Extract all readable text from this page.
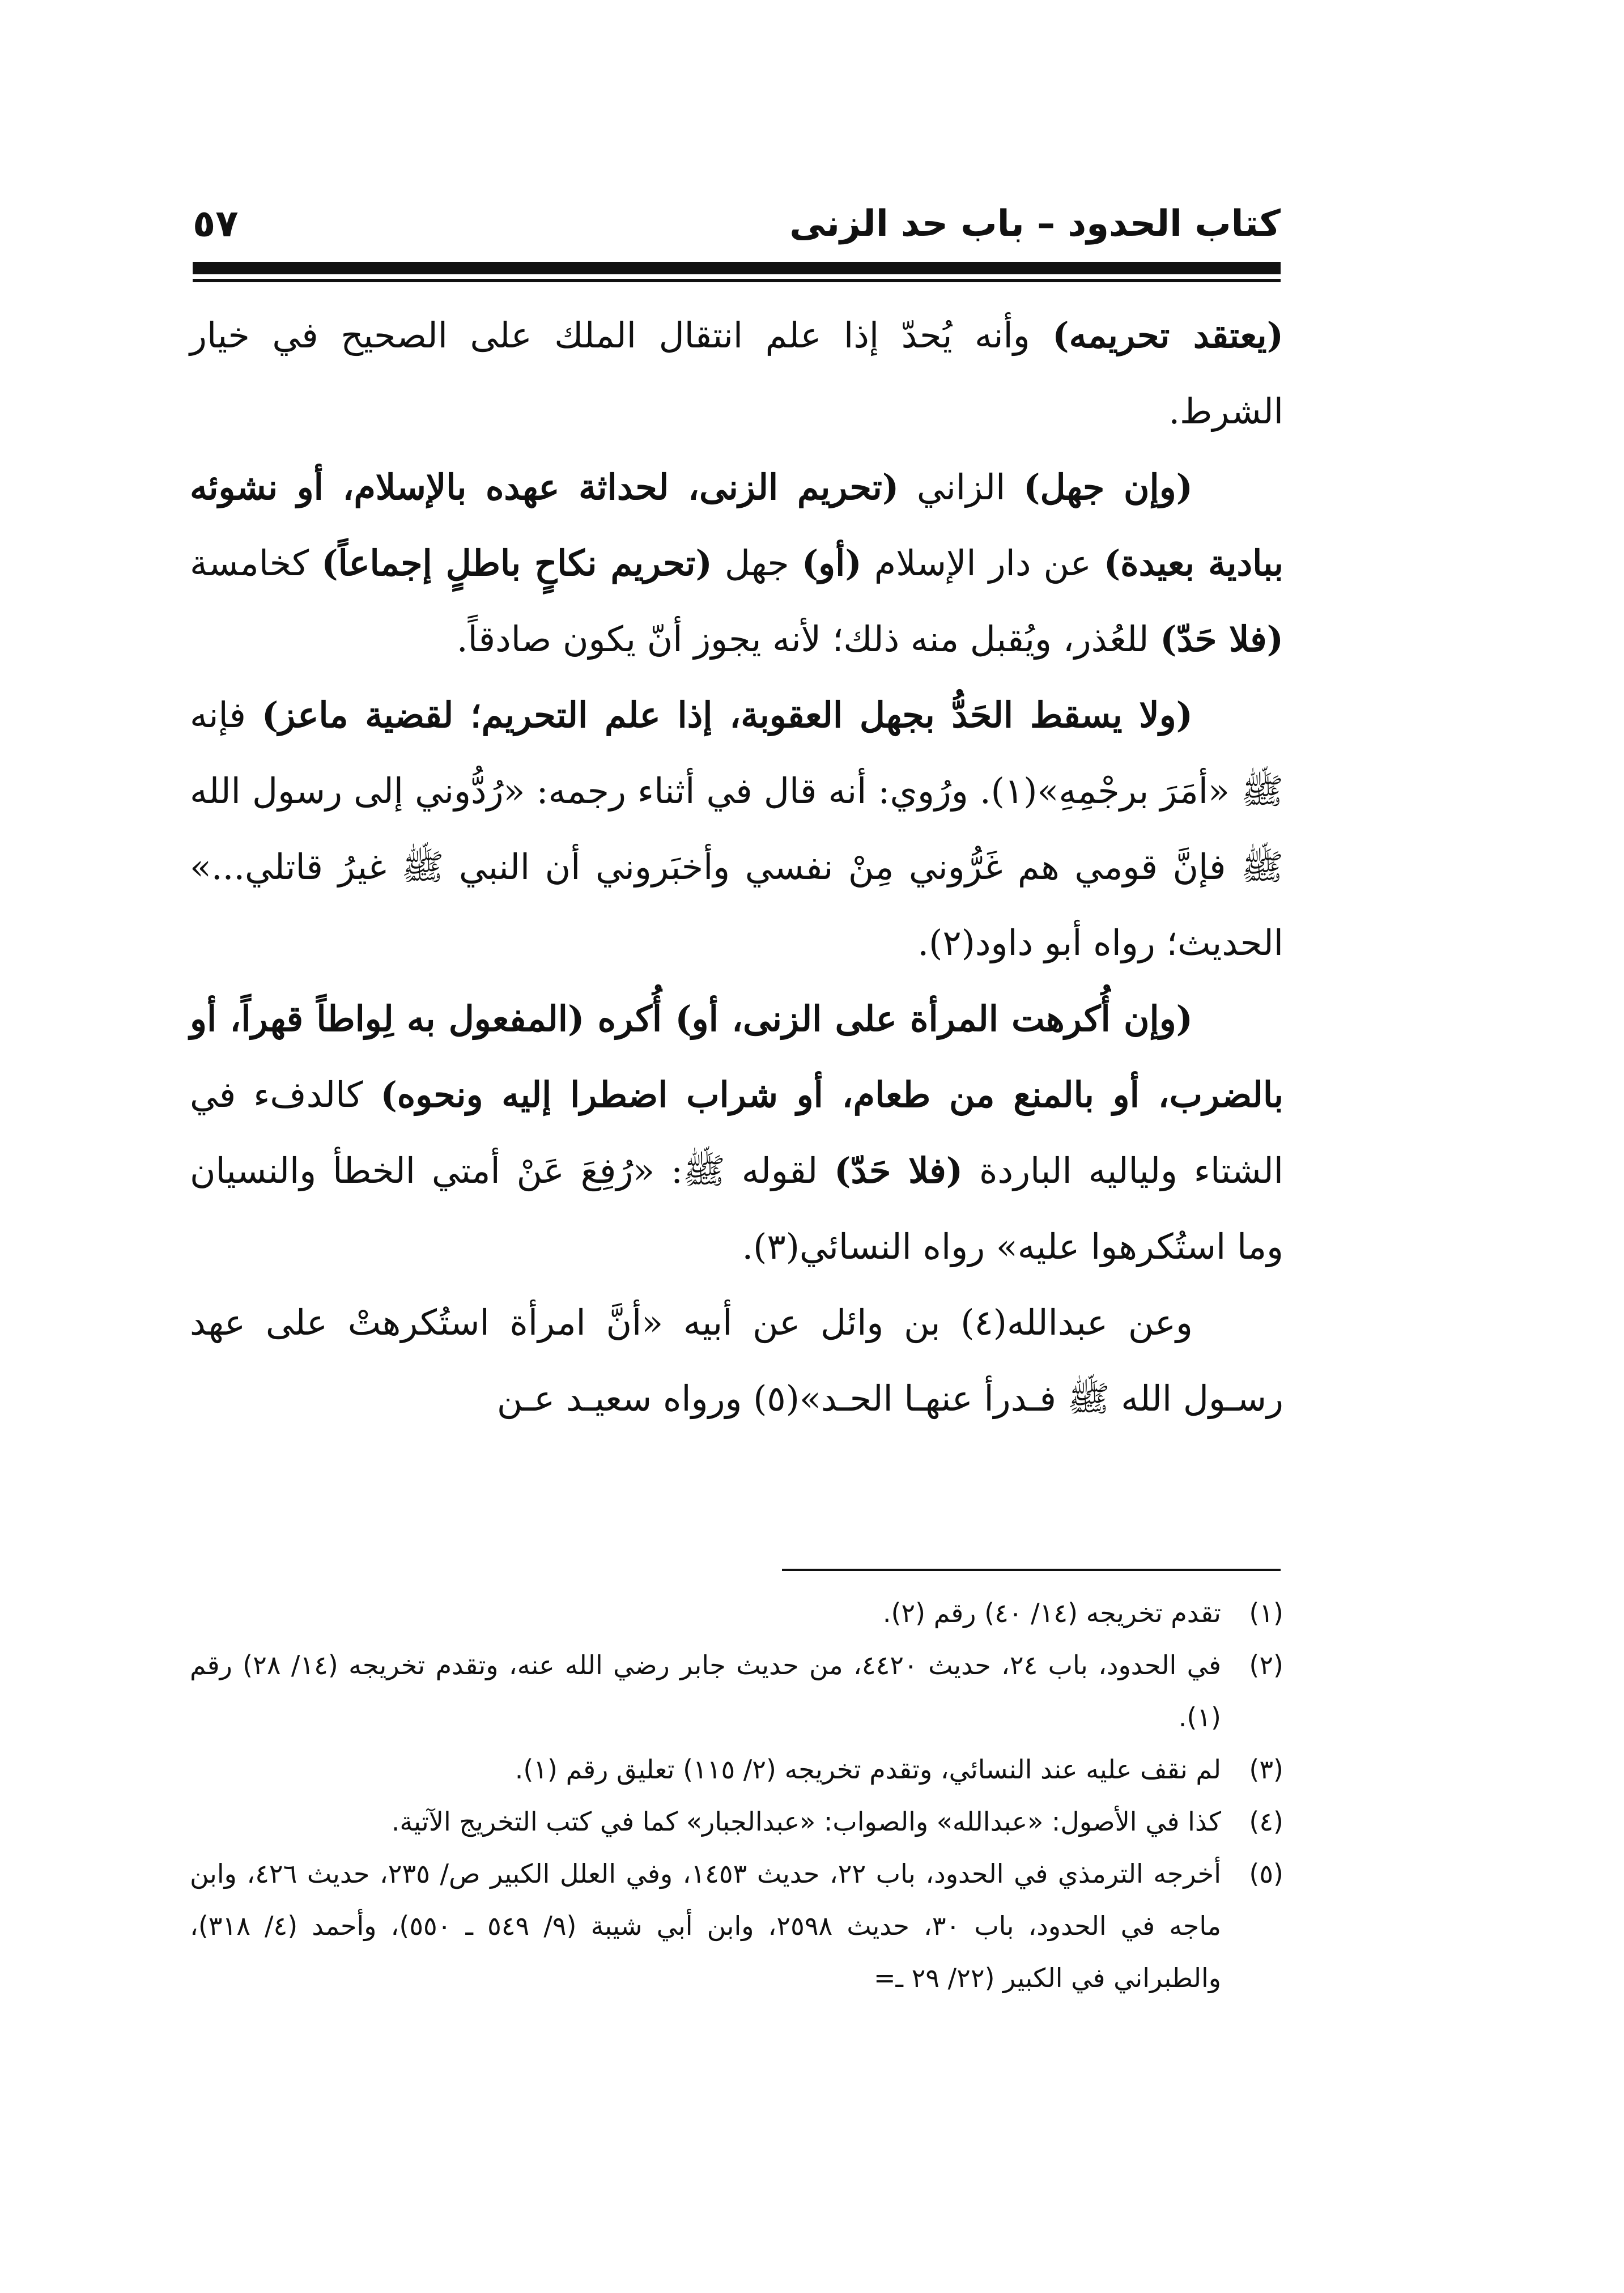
كتاب الحدود – باب حد الزنى
٥٧

(يعتقد تحريمه) وأنه يُحدّ إذا علم انتقال الملك على الصحيح في خيار الشرط.

(وإن جهل) الزاني (تحريم الزنى، لحداثة عهده بالإسلام، أو نشوئه ببادية بعيدة) عن دار الإسلام (أو) جهل (تحريم نكاحٍ باطلٍ إجماعاً) كخامسة (فلا حَدّ) للعُذر، ويُقبل منه ذلك؛ لأنه يجوز أنّ يكون صادقاً.

(ولا يسقط الحَدُّ بجهل العقوبة، إذا علم التحريم؛ لقضية ماعز) فإنه ﷺ «أمَرَ برجْمِهِ»(١). ورُوي: أنه قال في أثناء رجمه: «رُدُّوني إلى رسول الله ﷺ فإنَّ قومي هم غَرُّوني مِنْ نفسي وأخبَروني أن النبي ﷺ غيرُ قاتلي...» الحديث؛ رواه أبو داود(٢).

(وإن أُكرهت المرأة على الزنى، أو) أُكره (المفعول به لِواطاً قهراً، أو بالضرب، أو بالمنع من طعام، أو شراب اضطرا إليه ونحوه) كالدفء في الشتاء ولياليه الباردة (فلا حَدّ) لقوله ﷺ: «رُفِعَ عَنْ أمتي الخطأ والنسيان وما استُكرهوا عليه» رواه النسائي(٣).

وعن عبدالله(٤) بن وائل عن أبيه «أنَّ امرأة استُكرهتْ على عهد رسـول الله ﷺ فـدرأ عنهـا الحـد»(٥) ورواه سعيـد عـن

(١)
تقدم تخريجه (١٤/ ٤٠) رقم (٢).

(٢)
في الحدود، باب ٢٤، حديث ٤٤٢٠، من حديث جابر رضي الله عنه، وتقدم تخريجه (١٤/ ٢٨) رقم (١).

(٣)
لم نقف عليه عند النسائي، وتقدم تخريجه (٢/ ١١٥) تعليق رقم (١).

(٤)
كذا في الأصول: «عبدالله» والصواب: «عبدالجبار» كما في كتب التخريج الآتية.

(٥)
أخرجه الترمذي في الحدود، باب ٢٢، حديث ١٤٥٣، وفي العلل الكبير ص/ ٢٣٥، حديث ٤٢٦، وابن ماجه في الحدود، باب ٣٠، حديث ٢٥٩٨، وابن أبي شيبة (٩/ ٥٤٩ ـ ٥٥٠)، وأحمد (٤/ ٣١٨)، والطبراني في الكبير (٢٢/ ٢٩ ـ=
